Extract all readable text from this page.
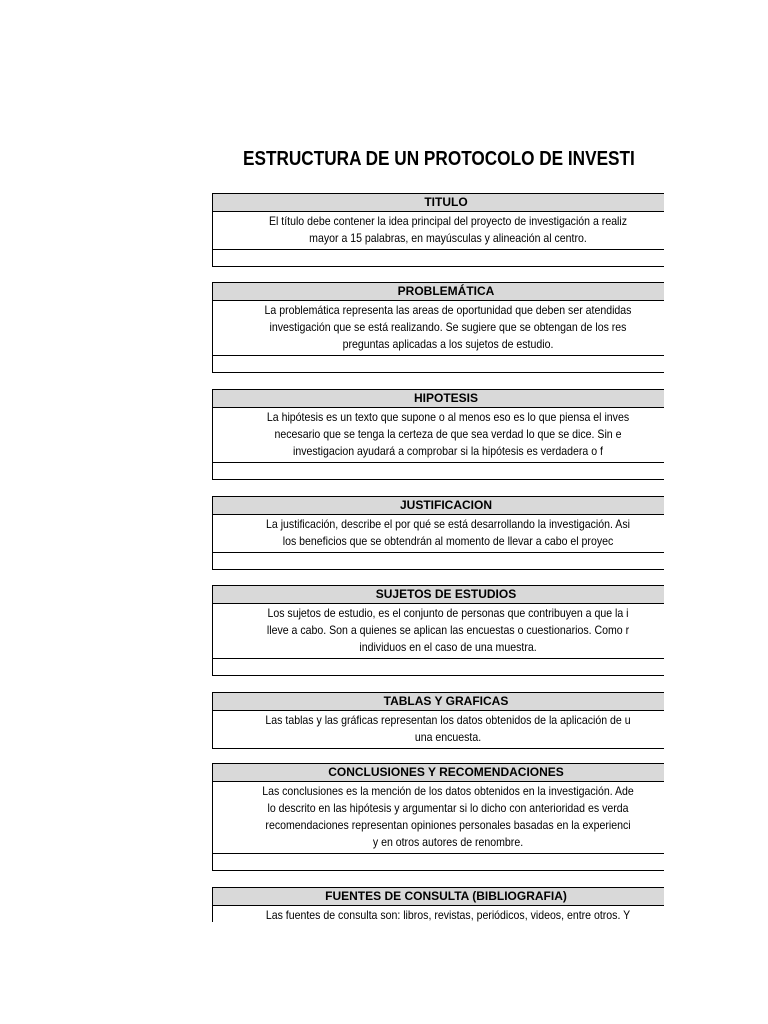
ESTRUCTURA DE UN PROTOCOLO DE INVESTI
TITULO
El título debe contener la idea principal del proyecto de investigación a realiz
mayor a 15 palabras, en mayúsculas y alineación al centro.
PROBLEMÁTICA
La problemática representa las areas de oportunidad que deben ser atendidas
investigación que se está realizando. Se sugiere que se obtengan de los res
preguntas aplicadas a los sujetos de estudio.
HIPOTESIS
La hipótesis es un texto que supone o al menos eso es lo que piensa el inves
necesario que se tenga la certeza de que sea verdad lo que se dice. Sin e
investigacion ayudará a comprobar si la hipótesis es verdadera o f
JUSTIFICACION
La justificación, describe el por qué se está desarrollando la investigación. Asi
los beneficios que se obtendrán al momento de llevar a cabo el proyec
SUJETOS DE ESTUDIOS
Los sujetos de estudio, es el conjunto de personas que contribuyen a que la i
lleve a cabo. Son a quienes se aplican las encuestas o cuestionarios. Como r
individuos en el caso de una muestra.
TABLAS Y GRAFICAS
Las tablas y las gráficas representan los datos obtenidos de la aplicación de u
una encuesta.
CONCLUSIONES Y RECOMENDACIONES
Las conclusiones es la mención de los datos obtenidos en la investigación. Ade
lo descrito en las hipótesis y argumentar si lo dicho con anterioridad es verda
recomendaciones representan opiniones personales basadas en la experienci
y en otros autores de renombre.
FUENTES DE CONSULTA (BIBLIOGRAFIA)
Las fuentes de consulta son: libros, revistas, periódicos, videos, entre otros. Y
